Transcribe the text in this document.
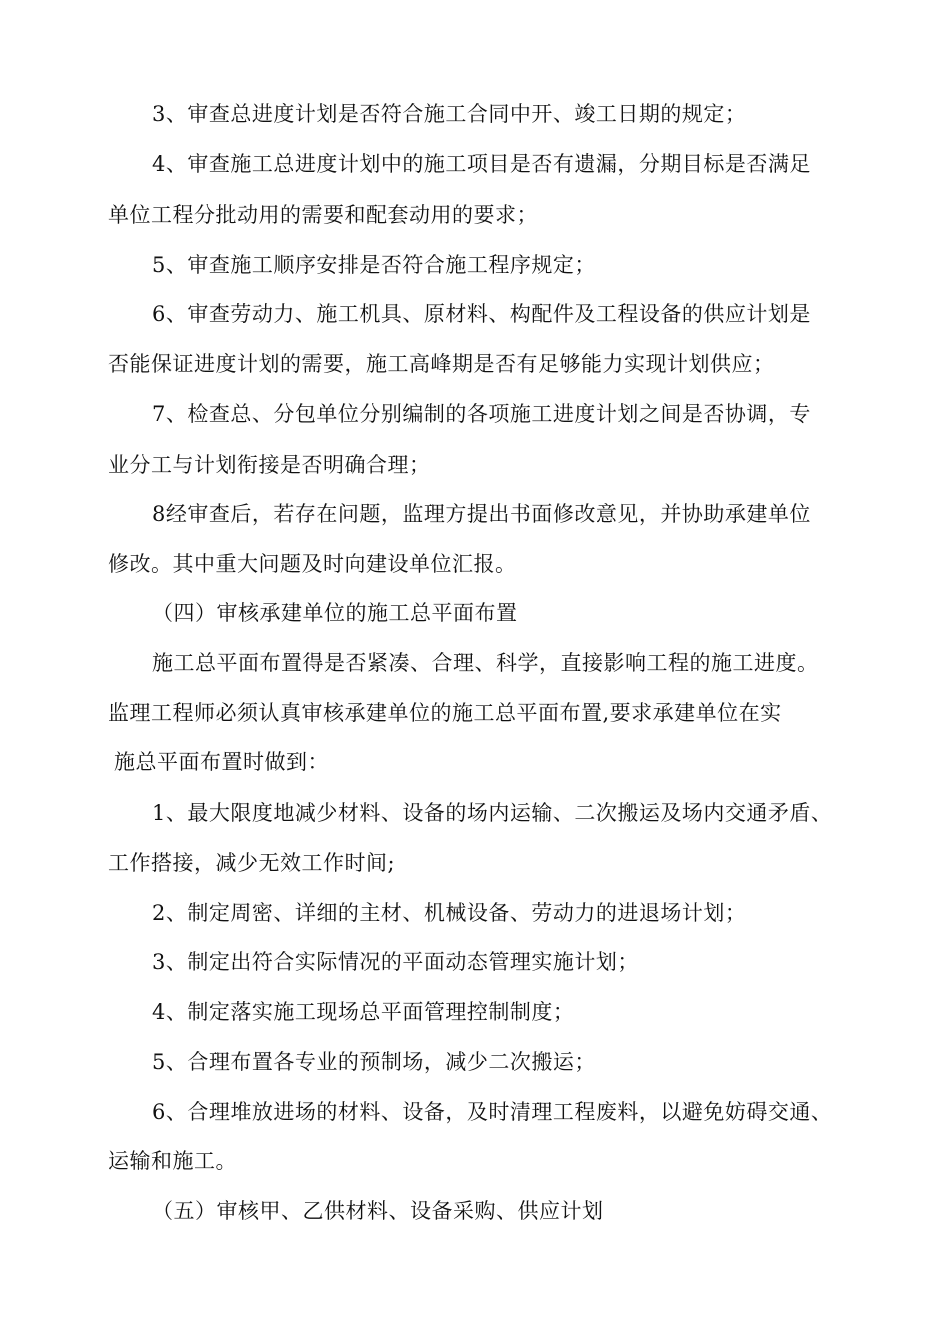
3、审查总进度计划是否符合施工合同中开、竣工日期的规定；

4、审查施工总进度计划中的施工项目是否有遗漏，分期目标是否满足

单位工程分批动用的需要和配套动用的要求；

5、审查施工顺序安排是否符合施工程序规定；

6、审查劳动力、施工机具、原材料、构配件及工程设备的供应计划是

否能保证进度计划的需要，施工高峰期是否有足够能力实现计划供应；

7、检查总、分包单位分别编制的各项施工进度计划之间是否协调，专

业分工与计划衔接是否明确合理；

8经审查后，若存在问题，监理方提出书面修改意见，并协助承建单位

修改。其中重大问题及时向建设单位汇报。

（四）审核承建单位的施工总平面布置

施工总平面布置得是否紧凑、合理、科学，直接影响工程的施工进度。

监理工程师必须认真审核承建单位的施工总平面布置,要求承建单位在实

施总平面布置时做到：

1、最大限度地减少材料、设备的场内运输、二次搬运及场内交通矛盾、

工作搭接，减少无效工作时间;

2、制定周密、详细的主材、机械设备、劳动力的进退场计划；

3、制定出符合实际情况的平面动态管理实施计划；

4、制定落实施工现场总平面管理控制制度；

5、合理布置各专业的预制场，减少二次搬运；

6、合理堆放进场的材料、设备，及时清理工程废料，以避免妨碍交通、

运输和施工。

（五）审核甲、乙供材料、设备采购、供应计划
